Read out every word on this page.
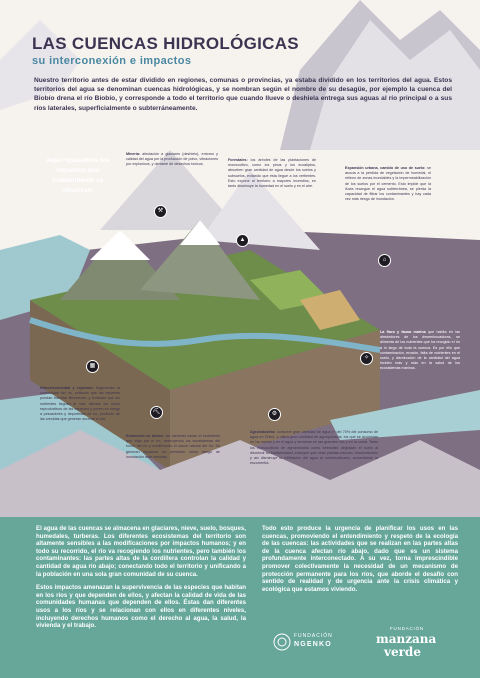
LAS CUENCAS HIDROLÓGICAS
su interconexión e impactos

Nuestro territorio antes de estar dividido en regiones, comunas o provincias, ya estaba dividido en los territorios del agua. Estos territorios del agua se denominan cuencas hidrológicas, y se nombran según el nombre de su desagüe, por ejemplo la cuenca del Biobío drena el río Biobío, y corresponde a todo el territorio que cuando llueve o deshiela entrega sus aguas al río principal o a sus ríos laterales, superficialmente o subterráneamente.

Aquí repasamos los impactos que comunmente se observan:
Minería: afectación a glaciares (deshielo), entorno y calidad del agua por la producción de polvo, vibraciones por explosivos, y derrame de desechos tóxicos.
Forestales: los árboles de las plantaciones de monocultivo, como los pinos y los eucaliptus, absorben gran cantidad de agua desde los suelos y subsuelos, evitando que ésta llegue a los vertientes. Esto expone al territorio a mayores incendios, en tanto disminuye la humedad en el suelo y en el aire.
Expansión urbana, cambio de uso de suelo: se asocia a la pérdida de vegetación de humedal, el relleno de zonas inundables y la impermeabilización de los suelos por el cemento. Esto impide que la lluvia recargue el agua subterránea, se pierda la capacidad de filtrar los contaminantes y hay cada vez más riesgo de inundación.
La flora y fauna marina que habita en las alrededores de los desembocaduras, se alimenta de los nutrientes que ha recogido el río a lo largo de toda la cuenca. Es por ello que contaminación, erosión, falta de nutrientes en el suelo, y disminución de la cantidad del agua inciden más y más en la salud de los ecosistemas marinos.
Hidroelectricidad y represas: fragmentan la continuidad del río, evitando que las especies puedan transitar libremente; y evitando que los nutrientes lleguen al mar; afectan los ciclos reproductivos de las especies y ponen en riesgo a pescadores y deportistas de río, producto de las crecidas que generan durante el día.
Extracción de áridos: las areneras sacan el sedimento que viajo por el río, destruyendo los ecosistemas del fondo del río y modificando el cauce natural del río. Se generan impactos no previstos como riesgo de inundación ante crecidas.
Agroindustria: consume gran cantidad de agua (+ del 70% del consumo de agua en Chile), y utiliza gran cantidad de agroquímicos, los que se acumulan en los suelos y en el agua y terminan en las grandes ríos y en la costa. Tanto los monocultivos de agroindustria como forestales degradan el suelo al disminuir su biodiversidad, excluyen que otras plantas crezcan, erosionándolo y así disminuye la infiltración del agua al suelo/subsuelo, aumentando la escorrentía.
⚒
▲
⌂
✧
▦
⛏	⚙

El agua de las cuencas se almacena en glaciares, nieve, suelo, bosques, humedales, turberas. Los diferentes ecosistemas del territorio son altamente sensibles a las modificaciones por impactos humanos; y en todo su recorrido, el río va recogiendo los nutrientes, pero también los contaminantes: las partes altas de la cordillera controlan la calidad y cantidad de agua río abajo; conectando todo el territorio y unificando a la población en una sola gran comunidad de su cuenca.

Estos impactos amenazan la supervivencia de las especies que habitan en los ríos y que dependen de ellos, y afectan la calidad de vida de las comunidades humanas que dependen de ellos. Éstas dan diferentes usos a los ríos y se relacionan con ellos en diferentes niveles, incluyendo derechos humanos como el derecho al agua, la salud, la vivienda y el trabajo.

Todo esto produce la urgencia de planificar los usos en las cuencas, promoviendo el entendimiento y respeto de la ecología de las cuencas: las actividades que se realizan en las partes altas de la cuenca afectan río abajo, dado que es un sistema profundamente interconectado. A su vez, torna imprescindible promover colectivamente la necesidad de un mecanismo de protección permanente para los ríos, que aborde el desafío con sentido de realidad y de urgencia ante la crisis climática y ecológica que estamos viviendo.

FUNDACIÓN
NGENKO
FUNDACIÓN
manzana
verde
